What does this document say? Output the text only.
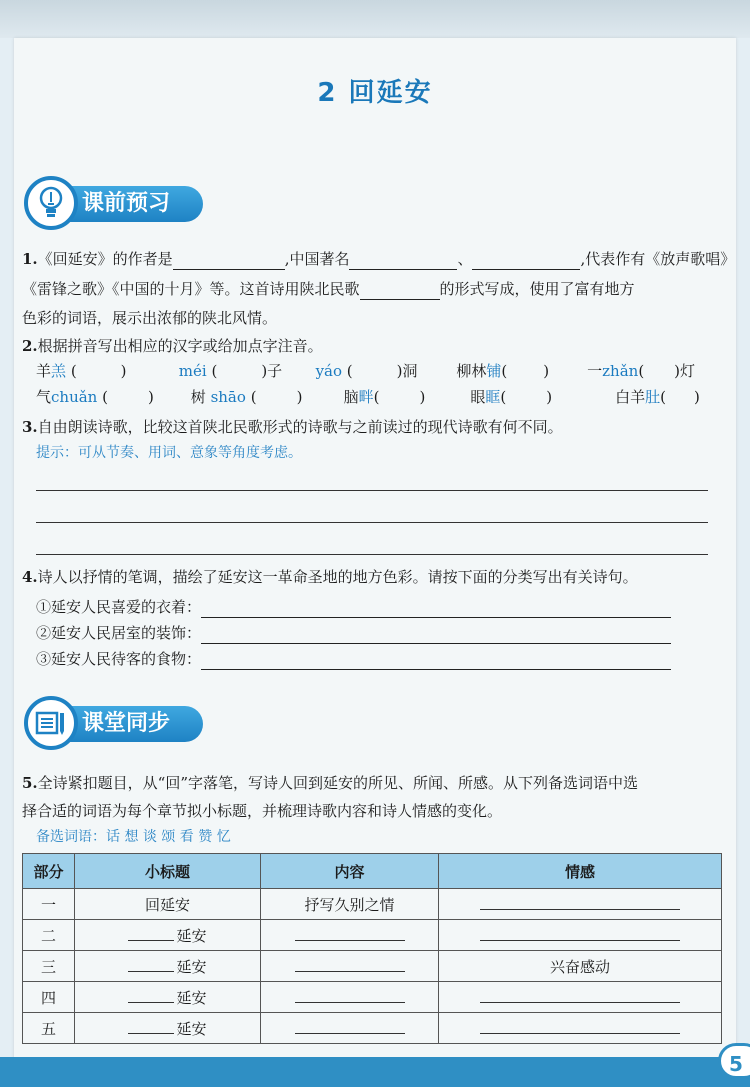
5
2 回延安
课前预习
1.《回延安》的作者是	,中国著名	、	,代表作有《放声歌唱》
《雷锋之歌》《中国的十月》等。这首诗用陕北民歌	的形式写成，使用了富有地方
色彩的词语，展示出浓郁的陕北风情。
2.根据拼音写出相应的汉字或给加点字注音。
羊羔 (	)	méi (	)子 yáo (	)洞	柳林铺( )	一zhǎn( )灯
气chuǎn (	) 树 shāo (	)	脑畔(	)	眼眶(	)	白羊肚( )
3.自由朗读诗歌，比较这首陕北民歌形式的诗歌与之前读过的现代诗歌有何不同。
提示：可从节奏、用词、意象等角度考虑。
4.诗人以抒情的笔调，描绘了延安这一革命圣地的地方色彩。请按下面的分类写出有关诗句。
①延安人民喜爱的衣着：
②延安人民居室的装饰：
③延安人民待客的食物：
课堂同步
5.全诗紧扣题目，从“回”字落笔，写诗人回到延安的所见、所闻、所感。从下列备选词语中选
择合适的词语为每个章节拟小标题，并梳理诗歌内容和诗人情感的变化。
备选词语：话 想 谈 颂 看 赞 忆
部分	小标题	内容	情感
一	回延安	抒写久别之情	
二	延安		
三	延安		兴奋感动
四	延安		
五	延安		
